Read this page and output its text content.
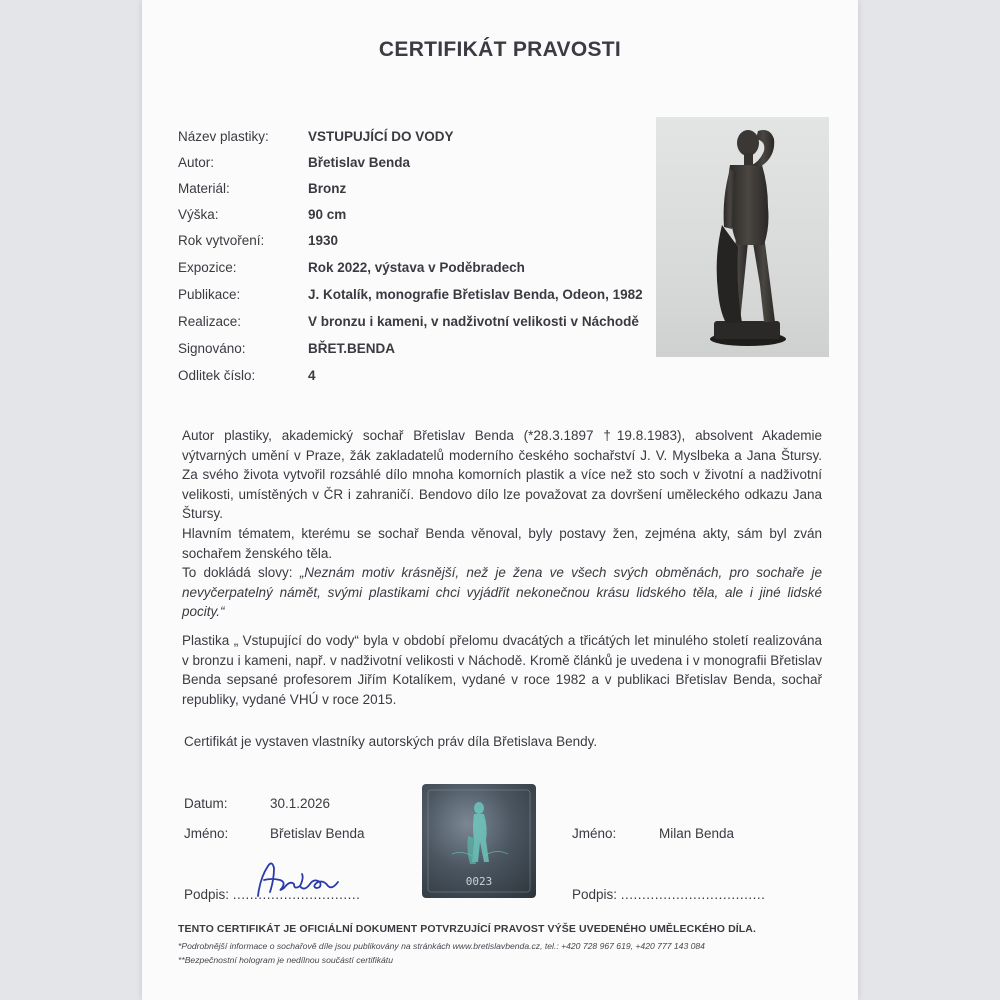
CERTIFIKÁT PRAVOSTI
Název plastiky:	VSTUPUJÍCÍ DO VODY
Autor:	Břetislav Benda
Materiál:	Bronz
Výška:	90 cm
Rok vytvoření:	1930
Expozice:	Rok 2022, výstava v Poděbradech
Publikace:	J. Kotalík, monografie Břetislav Benda, Odeon, 1982
Realizace:	V bronzu i kameni, v nadživotní velikosti v Náchodě
Signováno:	BŘET.BENDA
Odlitek číslo:	4

Autor plastiky, akademický sochař Břetislav Benda (*28.3.1897 †19.8.1983), absolvent Akademie výtvarných umění v Praze, žák zakladatelů moderního českého sochařství J. V. Myslbeka a Jana Štursy. Za svého života vytvořil rozsáhlé dílo mnoha komorních plastik a více než sto soch v životní a nadživotní velikosti, umístěných v ČR i zahraničí. Bendovo dílo lze považovat za dovršení uměleckého odkazu Jana Štursy.

Hlavním tématem, kterému se sochař Benda věnoval, byly postavy žen, zejména akty, sám byl zván sochařem ženského těla.

To dokládá slovy: „Neznám motiv krásnější, než je žena ve všech svých obměnách, pro sochaře je nevyčerpatelný námět, svými plastikami chci vyjádřit nekonečnou krásu lidského těla, ale i jiné lidské pocity.“

Plastika „ Vstupující do vody“ byla v období přelomu dvacátých a třicátých let minulého století realizována v bronzu i kameni, např. v nadživotní velikosti v Náchodě. Kromě článků je uvedena i v monografii Břetislav Benda sepsané profesorem Jiřím Kotalíkem, vydané v roce 1982 a v publikaci Břetislav Benda, sochař republiky, vydané VHÚ v roce 2015.

Certifikát je vystaven vlastníky autorských práv díla Břetislava Bendy.
Datum:	30.1.2026
Jméno:	Břetislav Benda	Jméno:	Milan Benda
Podpis: ..............................	Podpis: ..................................
0023
TENTO CERTIFIKÁT JE OFICIÁLNÍ DOKUMENT POTVRZUJÍCÍ PRAVOST VÝŠE UVEDENÉHO UMĚLECKÉHO DÍLA.
*Podrobnější informace o sochařově díle jsou publikovány na stránkách www.bretislavbenda.cz, tel.: +420 728 967 619, +420 777 143 084
**Bezpečnostní hologram je nedílnou součástí certifikátu
